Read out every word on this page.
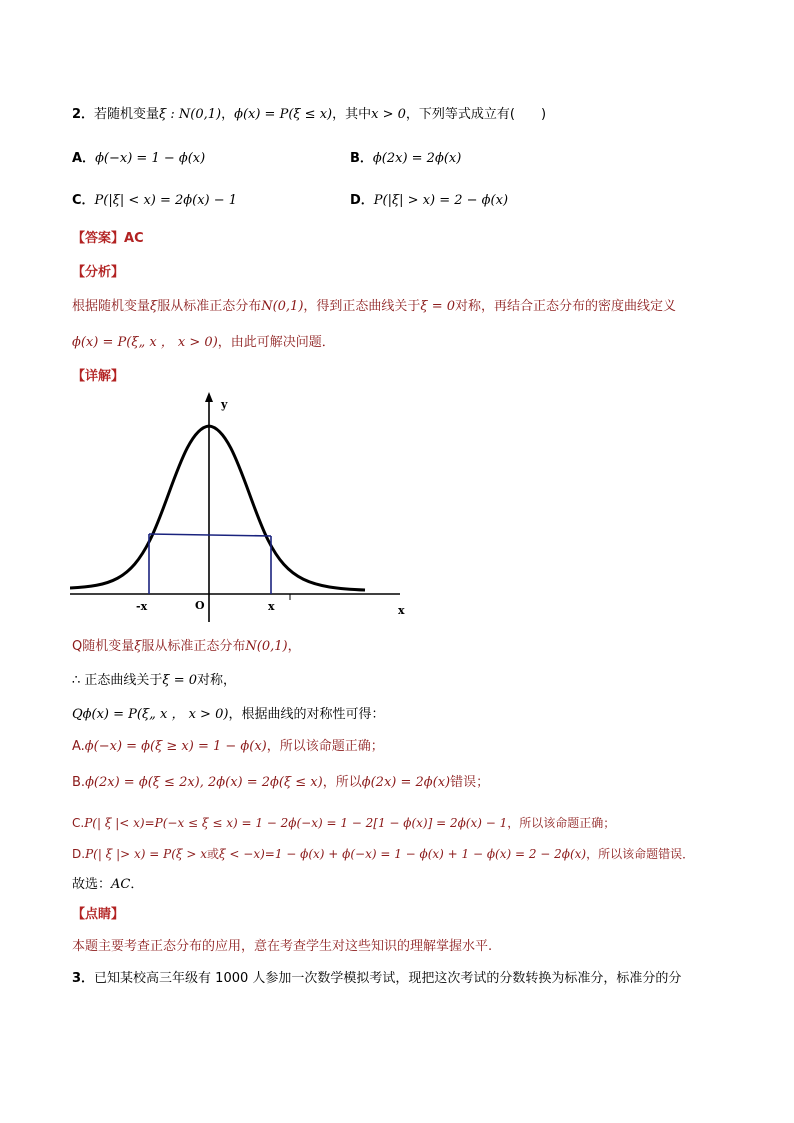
2．若随机变量ξ : N(0,1)，ϕ(x) = P(ξ ≤ x)，其中x > 0，下列等式成立有(　　)
A．ϕ(−x) = 1 − ϕ(x)	B．ϕ(2x) = 2ϕ(x)
C．P(|ξ| < x) = 2ϕ(x) − 1	D．P(|ξ| > x) = 2 − ϕ(x)
【答案】AC
【分析】
根据随机变量ξ服从标准正态分布N(0,1)，得到正态曲线关于ξ = 0对称，再结合正态分布的密度曲线定义
ϕ(x) = P(ξ„ x ， x > 0)，由此可解决问题．
【详解】
y
x
O
-x	x
Q随机变量ξ服从标准正态分布N(0,1)，
∴ 正态曲线关于ξ = 0对称，
Qϕ(x) = P(ξ„ x ， x > 0)，根据曲线的对称性可得：
A.ϕ(−x) = ϕ(ξ ≥ x) = 1 − ϕ(x)，所以该命题正确；
B.ϕ(2x) = ϕ(ξ ≤ 2x), 2ϕ(x) = 2ϕ(ξ ≤ x)，所以ϕ(2x) = 2ϕ(x)错误；
C.P(| ξ |< x)=P(−x ≤ ξ ≤ x) = 1 − 2ϕ(−x) = 1 − 2[1 − ϕ(x)] = 2ϕ(x) − 1，所以该命题正确；
D.P(| ξ |> x) = P(ξ > x或ξ < −x)=1 − ϕ(x) + ϕ(−x) = 1 − ϕ(x) + 1 − ϕ(x) = 2 − 2ϕ(x)，所以该命题错误．
故选：AC．
【点睛】
本题主要考查正态分布的应用，意在考查学生对这些知识的理解掌握水平.
3．已知某校高三年级有 1000 人参加一次数学模拟考试，现把这次考试的分数转换为标准分，标准分的分
